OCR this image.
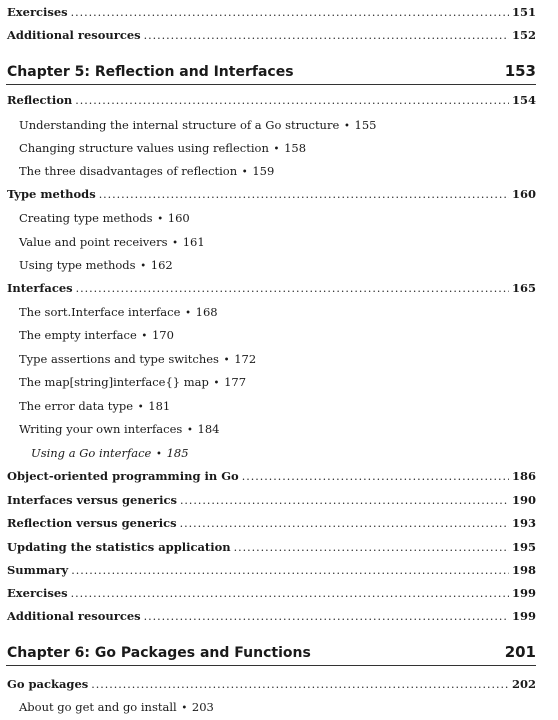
Exercises .....	151
Additional resources .....	152
Chapter 5: Reflection and Interfaces	153
Reflection .....	154
Understanding the internal structure of a Go structure • 155
Changing structure values using reflection • 158
The three disadvantages of reflection • 159
Type methods .....	160
Creating type methods • 160
Value and point receivers • 161
Using type methods • 162
Interfaces .....	165
The sort.Interface interface • 168
The empty interface • 170
Type assertions and type switches • 172
The map[string]interface{} map • 177
The error data type • 181
Writing your own interfaces • 184
Using a Go interface • 185
Object-oriented programming in Go .....	186
Interfaces versus generics .....	190
Reflection versus generics .....	193
Updating the statistics application .....	195
Summary .....	198
Exercises .....	199
Additional resources .....	199
Chapter 6: Go Packages and Functions	201
Go packages .....	202
About go get and go install • 203
